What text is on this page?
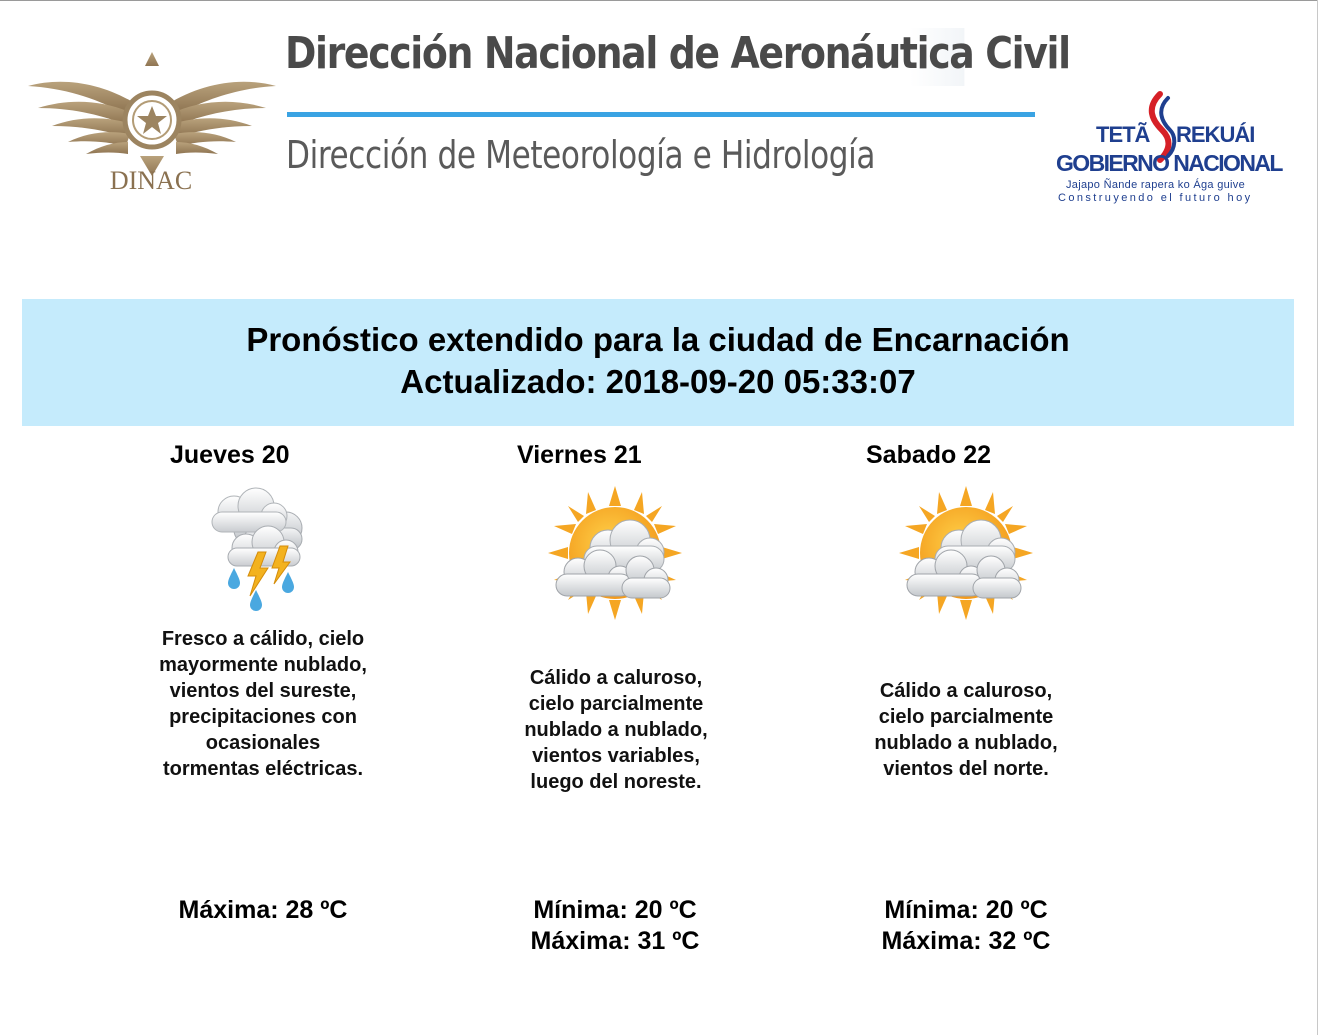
DINAC
Dirección Nacional de Aeronáutica Civil
Dirección de Meteorología e Hidrología	TETÃ REKUÁI
GOBIERNO NACIONAL
Jajapo Ñande rapera ko Ága guive
Construyendo el futuro hoy
Pronóstico extendido para la ciudad de Encarnación
Actualizado: 2018-09-20 05:33:07
Jueves 20
Fresco a cálido, cielo mayormente nublado, vientos del sureste, precipitaciones con ocasionales tormentas eléctricas.
Máxima: 28 ºC
Viernes 21
Cálido a caluroso, cielo parcialmente nublado a nublado, vientos variables, luego del noreste.
Mínima: 20 ºC
Máxima: 31 ºC
Sabado 22
Cálido a caluroso, cielo parcialmente nublado a nublado, vientos del norte.
Mínima: 20 ºC
Máxima: 32 ºC
